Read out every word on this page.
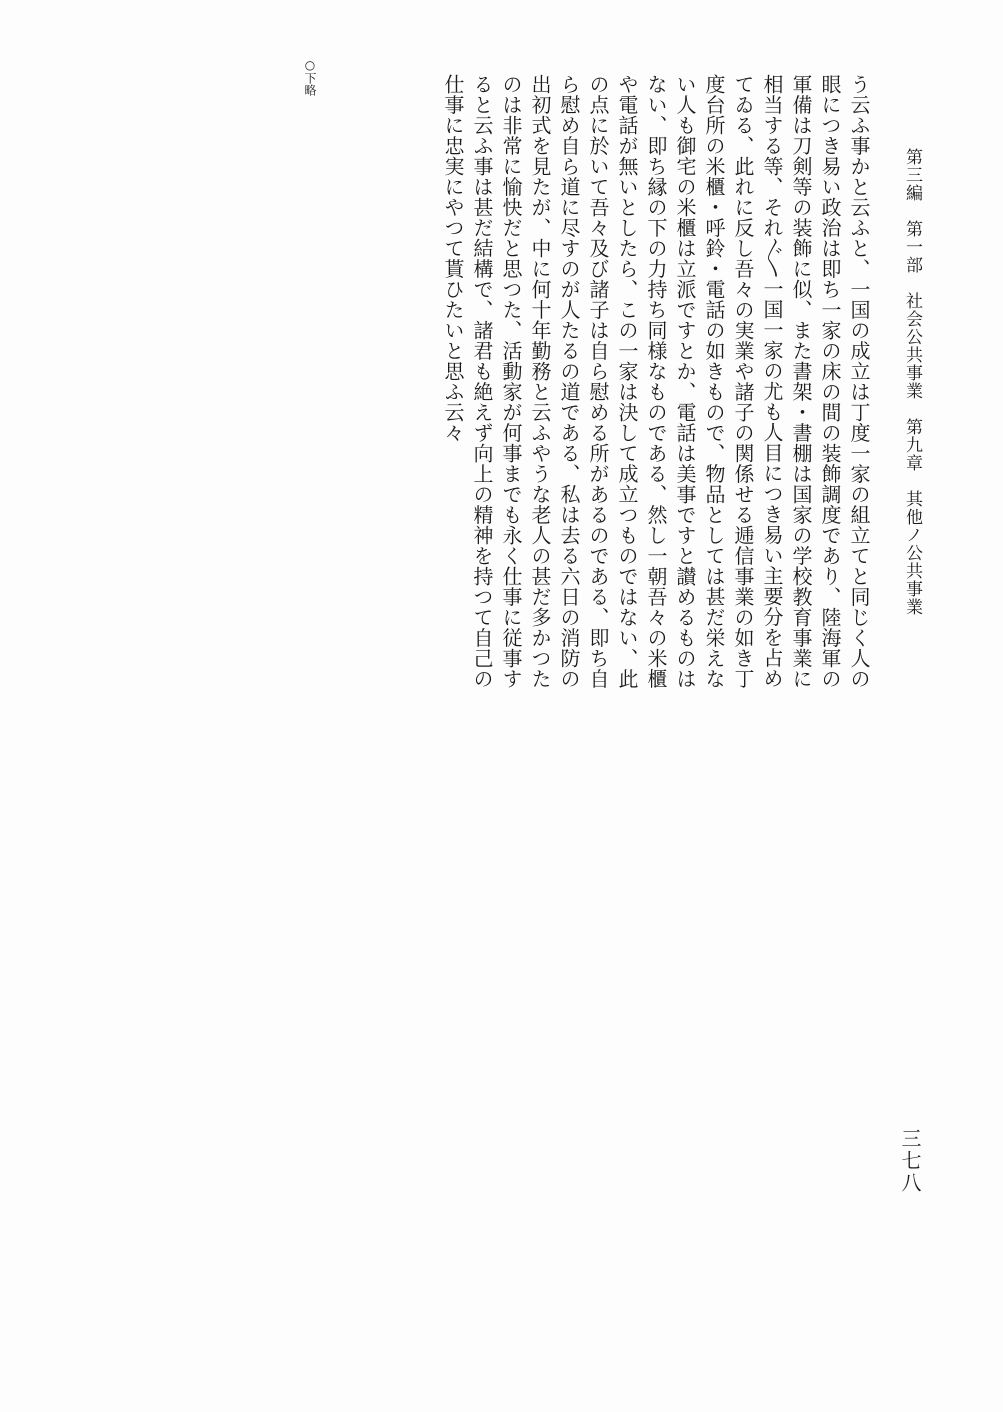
第三編　第一部　社会公共事業　第九章　其他ノ公共事業
う云ふ事かと云ふと、一国の成立は丁度一家の組立てと同じく人の
眼につき易い政治は即ち一家の床の間の装飾調度であり、陸海軍の
軍備は刀剣等の装飾に似、また書架・書棚は国家の学校教育事業に
相当する等、それ〲一国一家の尤も人目につき易い主要分を占め
てゐる、此れに反し吾々の実業や諸子の関係せる逓信事業の如き丁
度台所の米櫃・呼鈴・電話の如きもので、物品としては甚だ栄えな
い人も御宅の米櫃は立派ですとか、電話は美事ですと讃めるものは
ない、即ち縁の下の力持ち同様なものである、然し一朝吾々の米櫃
や電話が無いとしたら、この一家は決して成立つものではない、此
の点に於いて吾々及び諸子は自ら慰める所があるのである、即ち自
ら慰め自ら道に尽すのが人たるの道である、私は去る六日の消防の
出初式を見たが、中に何十年勤務と云ふやうな老人の甚だ多かつた
のは非常に愉快だと思つた、活動家が何事までも永く仕事に従事す
ると云ふ事は甚だ結構で、諸君も絶えず向上の精神を持つて自己の
仕事に忠実にやつて貰ひたいと思ふ云々
○下略
三七八
